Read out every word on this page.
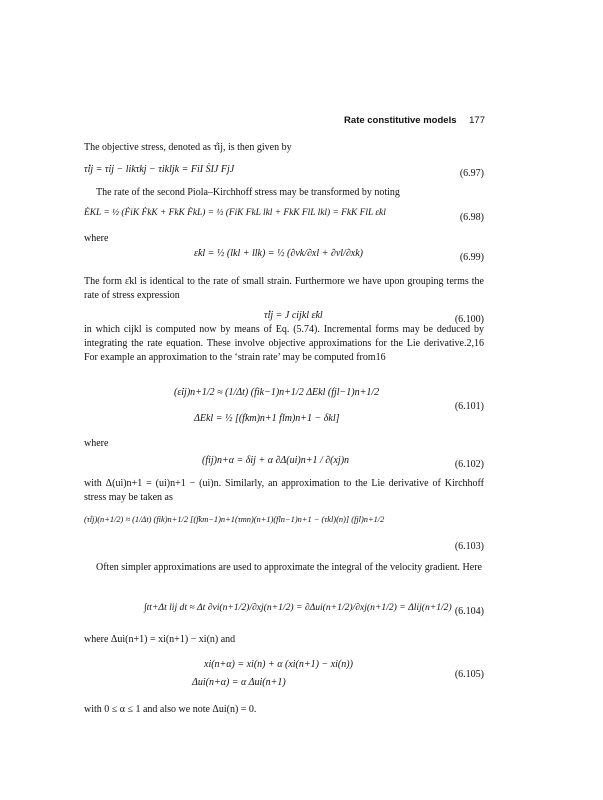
Rate constitutive models 177
The objective stress, denoted as τ̊ij, is then given by
τ̊ij = τ̇ij − likτkj − τikljk = FiI ṠIJ FjJ	(6.97)
The rate of the second Piola–Kirchhoff stress may be transformed by noting
ĖKL = ½ (ḞiK ḞkK + FkK ḞkL) = ½ (FiK FkL lkl + FkK FlL lkl) = FkK FlL ε̇kl	(6.98)
where
ε̇kl = ½ (lkl + llk) = ½ (∂vk/∂xl + ∂vl/∂xk)	(6.99)
The form ε̇kl is identical to the rate of small strain. Furthermore we have upon grouping terms the rate of stress expression
τ̊ij = J cijkl ε̇kl	(6.100)
in which cijkl is computed now by means of Eq. (5.74). Incremental forms may be deduced by integrating the rate equation. These involve objective approximations for the Lie derivative.2,16 For example an approximation to the ‘strain rate’ may be computed from16
(ε̇ij)n+1/2 ≈ (1/Δt) (fik−1)n+1/2 ΔEkl (fjl−1)n+1/2
(6.101)
ΔEkl = ½ [(fkm)n+1 flm)n+1 − δkl]
where
(fij)n+α = δij + α ∂Δ(ui)n+1 / ∂(xj)n	(6.102)
with Δ(ui)n+1 = (ui)n+1 − (ui)n. Similarly, an approximation to the Lie derivative of Kirchhoff stress may be taken as
(τ̊ij)(n+1/2) ≈ (1/Δt) (fik)n+1/2 [(fkm−1)n+1(τmn)(n+1)(fln−1)n+1 − (τkl)(n)] (fjl)n+1/2
(6.103)
Often simpler approximations are used to approximate the integral of the velocity gradient. Here
∫tt+Δt lij dt ≈ Δt ∂vi(n+1/2)/∂xj(n+1/2) = ∂Δui(n+1/2)/∂xj(n+1/2) = Δlij(n+1/2) (6.104)
where Δui(n+1) = xi(n+1) − xi(n) and
xi(n+α) = xi(n) + α (xi(n+1) − xi(n))
(6.105)
Δui(n+α) = α Δui(n+1)
with 0 ≤ α ≤ 1 and also we note Δui(n) = 0.
